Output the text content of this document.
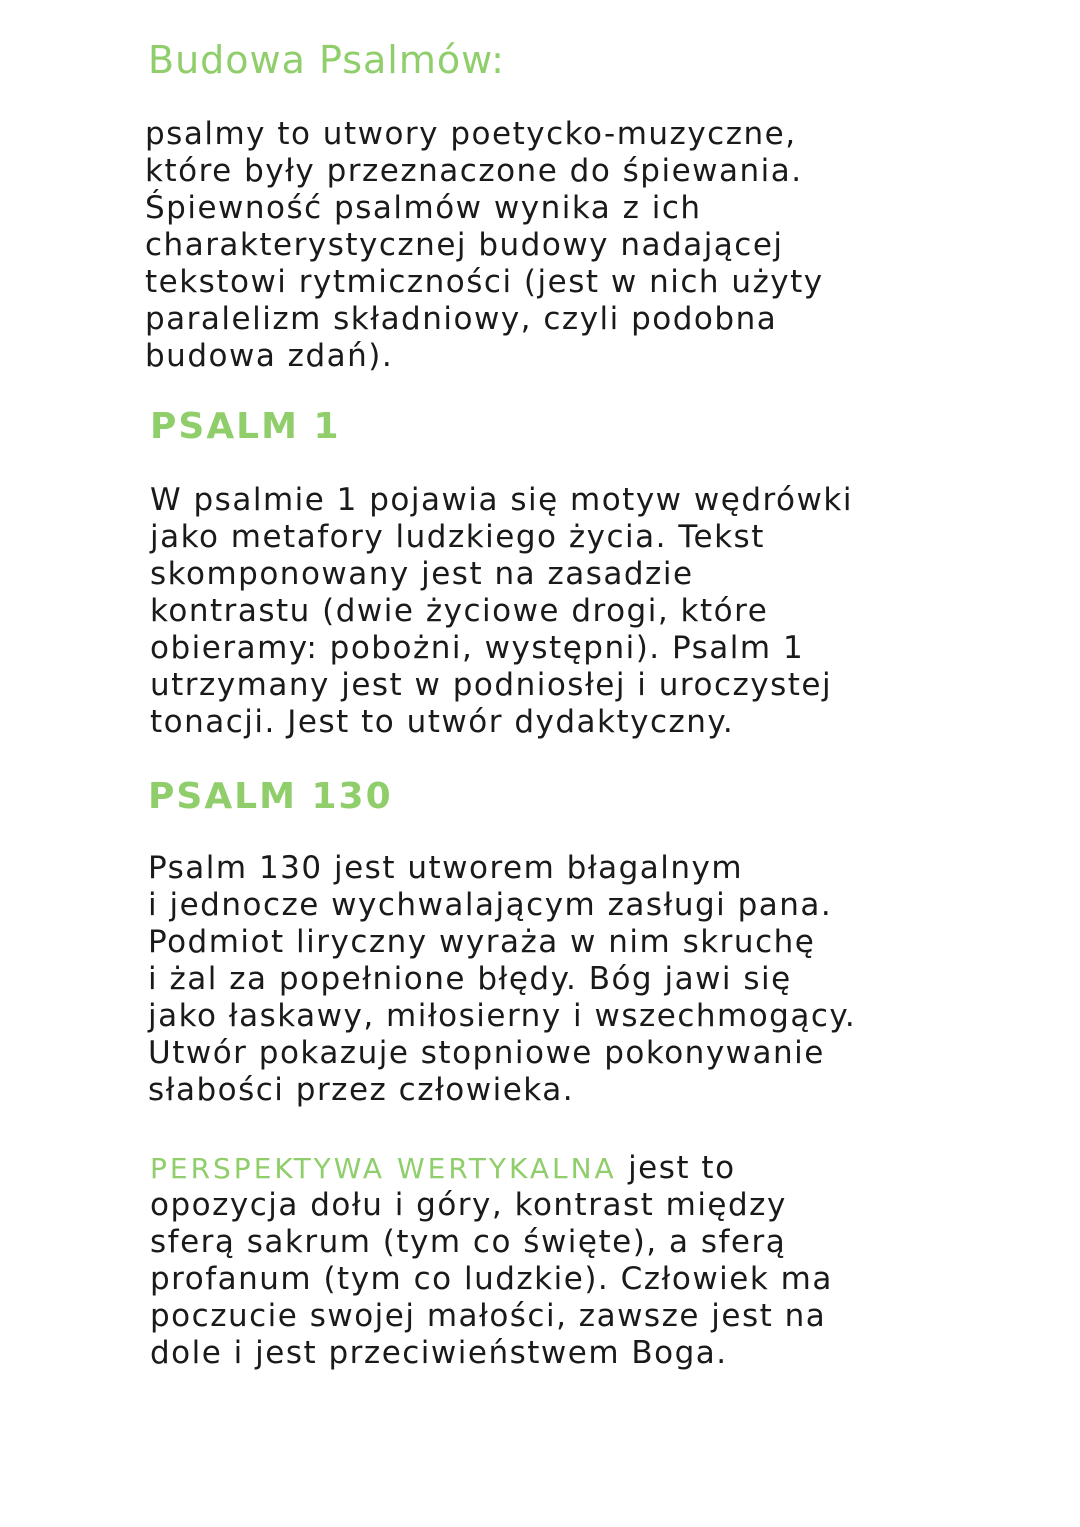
Budowa Psalmów:

psalmy to utwory poetycko-muzyczne,
które były przeznaczone do śpiewania.
Śpiewność psalmów wynika z ich
charakterystycznej budowy nadającej
tekstowi rytmiczności (jest w nich użyty
paralelizm składniowy, czyli podobna
budowa zdań).

PSALM 1

W psalmie 1 pojawia się motyw wędrówki
jako metafory ludzkiego życia. Tekst
skomponowany jest na zasadzie
kontrastu (dwie życiowe drogi, które
obieramy: pobożni, występni). Psalm 1
utrzymany jest w podniosłej i uroczystej
tonacji. Jest to utwór dydaktyczny.

PSALM 130

Psalm 130 jest utworem błagalnym
i jednocze wychwalającym zasługi pana.
Podmiot liryczny wyraża w nim skruchę
i żal za popełnione błędy. Bóg jawi się
jako łaskawy, miłosierny i wszechmogący.
Utwór pokazuje stopniowe pokonywanie
słabości przez człowieka.

PERSPEKTYWA WERTYKALNA jest to
opozycja dołu i góry, kontrast między
sferą sakrum (tym co święte), a sferą
profanum (tym co ludzkie). Człowiek ma
poczucie swojej małości, zawsze jest na
dole i jest przeciwieństwem Boga.
